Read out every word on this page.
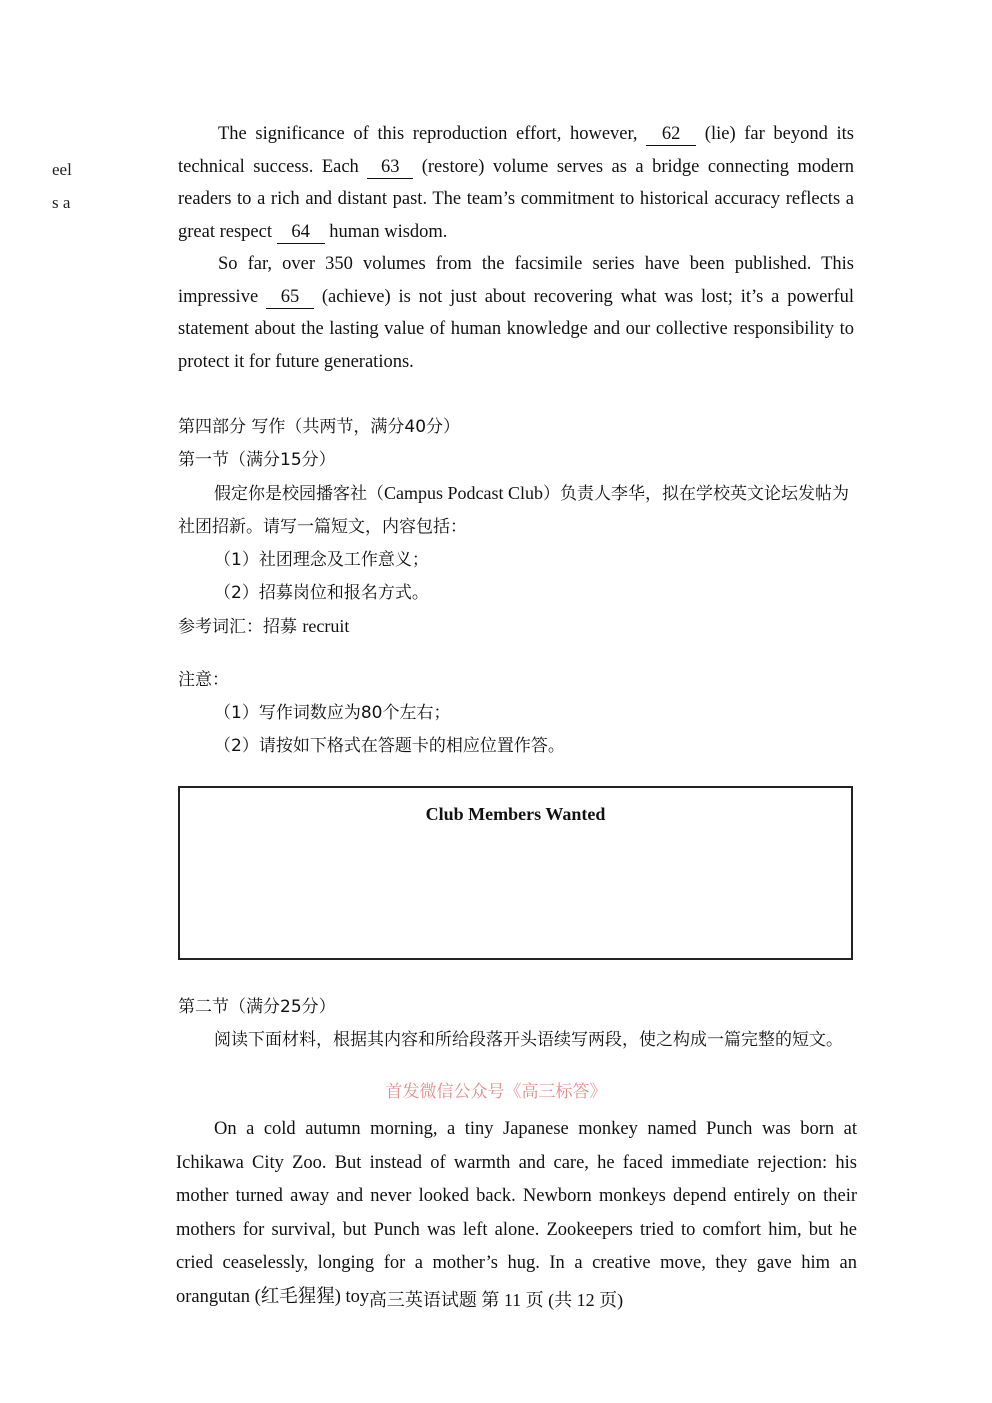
eel
s a

The significance of this reproduction effort, however, 62 (lie) far beyond its technical success. Each 63 (restore) volume serves as a bridge connecting modern readers to a rich and distant past. The team’s commitment to historical accuracy reflects a great respect 64 human wisdom.

So far, over 350 volumes from the facsimile series have been published. This impressive 65 (achieve) is not just about recovering what was lost; it’s a powerful statement about the lasting value of human knowledge and our collective responsibility to protect it for future generations.

第四部分 写作（共两节，满分40分）

第一节（满分15分）

假定你是校园播客社（Campus Podcast Club）负责人李华，拟在学校英文论坛发帖为社团招新。请写一篇短文，内容包括：

（1）社团理念及工作意义；

（2）招募岗位和报名方式。

参考词汇：招募 recruit

注意：

（1）写作词数应为80个左右；

（2）请按如下格式在答题卡的相应位置作答。

Club Members Wanted

第二节（满分25分）

阅读下面材料，根据其内容和所给段落开头语续写两段，使之构成一篇完整的短文。

首发微信公众号《高三标答》

On a cold autumn morning, a tiny Japanese monkey named Punch was born at Ichikawa City Zoo. But instead of warmth and care, he faced immediate rejection: his mother turned away and never looked back. Newborn monkeys depend entirely on their mothers for survival, but Punch was left alone. Zookeepers tried to comfort him, but he cried ceaselessly, longing for a mother’s hug. In a creative move, they gave him an orangutan (红毛猩猩) toy 高三英语试题 第 11 页 (共 12 页)
